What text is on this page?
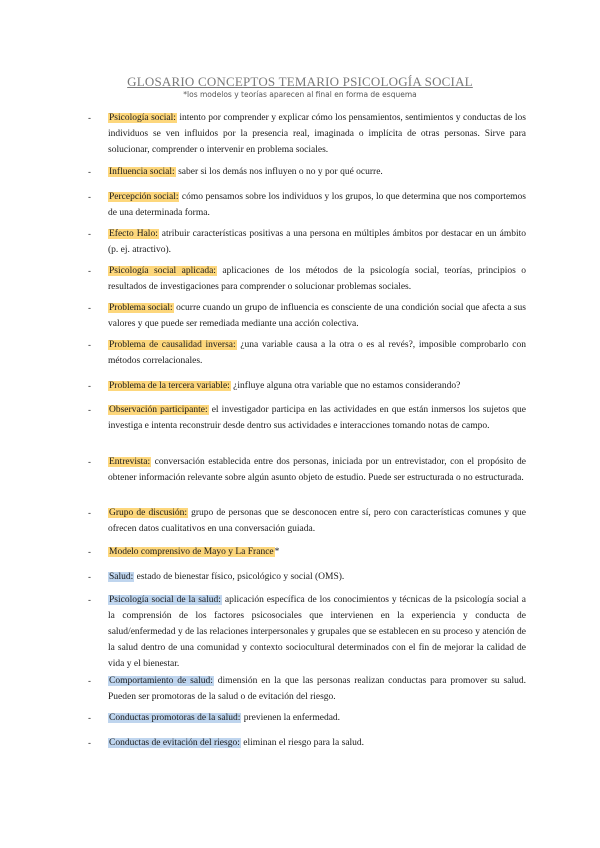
GLOSARIO CONCEPTOS TEMARIO PSICOLOGÍA SOCIAL
*los modelos y teorías aparecen al final en forma de esquema
-	Psicología social: intento por comprender y explicar cómo los pensamientos, sentimientos y conductas de los individuos se ven influidos por la presencia real, imaginada o implícita de otras personas. Sirve para solucionar, comprender o intervenir en problema sociales.
-	Influencia social: saber si los demás nos influyen o no y por qué ocurre.
-	Percepción social: cómo pensamos sobre los individuos y los grupos, lo que determina que nos comportemos de una determinada forma.
-	Efecto Halo: atribuir características positivas a una persona en múltiples ámbitos por destacar en un ámbito (p. ej. atractivo).
-	Psicología social aplicada: aplicaciones de los métodos de la psicología social, teorías, principios o resultados de investigaciones para comprender o solucionar problemas sociales.
-	Problema social: ocurre cuando un grupo de influencia es consciente de una condición social que afecta a sus valores y que puede ser remediada mediante una acción colectiva.
-	Problema de causalidad inversa: ¿una variable causa a la otra o es al revés?, imposible comprobarlo con métodos correlacionales.
-	Problema de la tercera variable: ¿influye alguna otra variable que no estamos considerando?
-	Observación participante: el investigador participa en las actividades en que están inmersos los sujetos que investiga e intenta reconstruir desde dentro sus actividades e interacciones tomando notas de campo.
-	Entrevista: conversación establecida entre dos personas, iniciada por un entrevistador, con el propósito de obtener información relevante sobre algún asunto objeto de estudio. Puede ser estructurada o no estructurada.
-	Grupo de discusión: grupo de personas que se desconocen entre sí, pero con características comunes y que ofrecen datos cualitativos en una conversación guiada.
-	Modelo comprensivo de Mayo y La France*
-	Salud: estado de bienestar físico, psicológico y social (OMS).
-	Psicología social de la salud: aplicación específica de los conocimientos y técnicas de la psicología social a la comprensión de los factores psicosociales que intervienen en la experiencia y conducta de salud/enfermedad y de las relaciones interpersonales y grupales que se establecen en su proceso y atención de la salud dentro de una comunidad y contexto sociocultural determinados con el fin de mejorar la calidad de vida y el bienestar.
-	Comportamiento de salud: dimensión en la que las personas realizan conductas para promover su salud. Pueden ser promotoras de la salud o de evitación del riesgo.
-	Conductas promotoras de la salud: previenen la enfermedad.
-	Conductas de evitación del riesgo: eliminan el riesgo para la salud.
